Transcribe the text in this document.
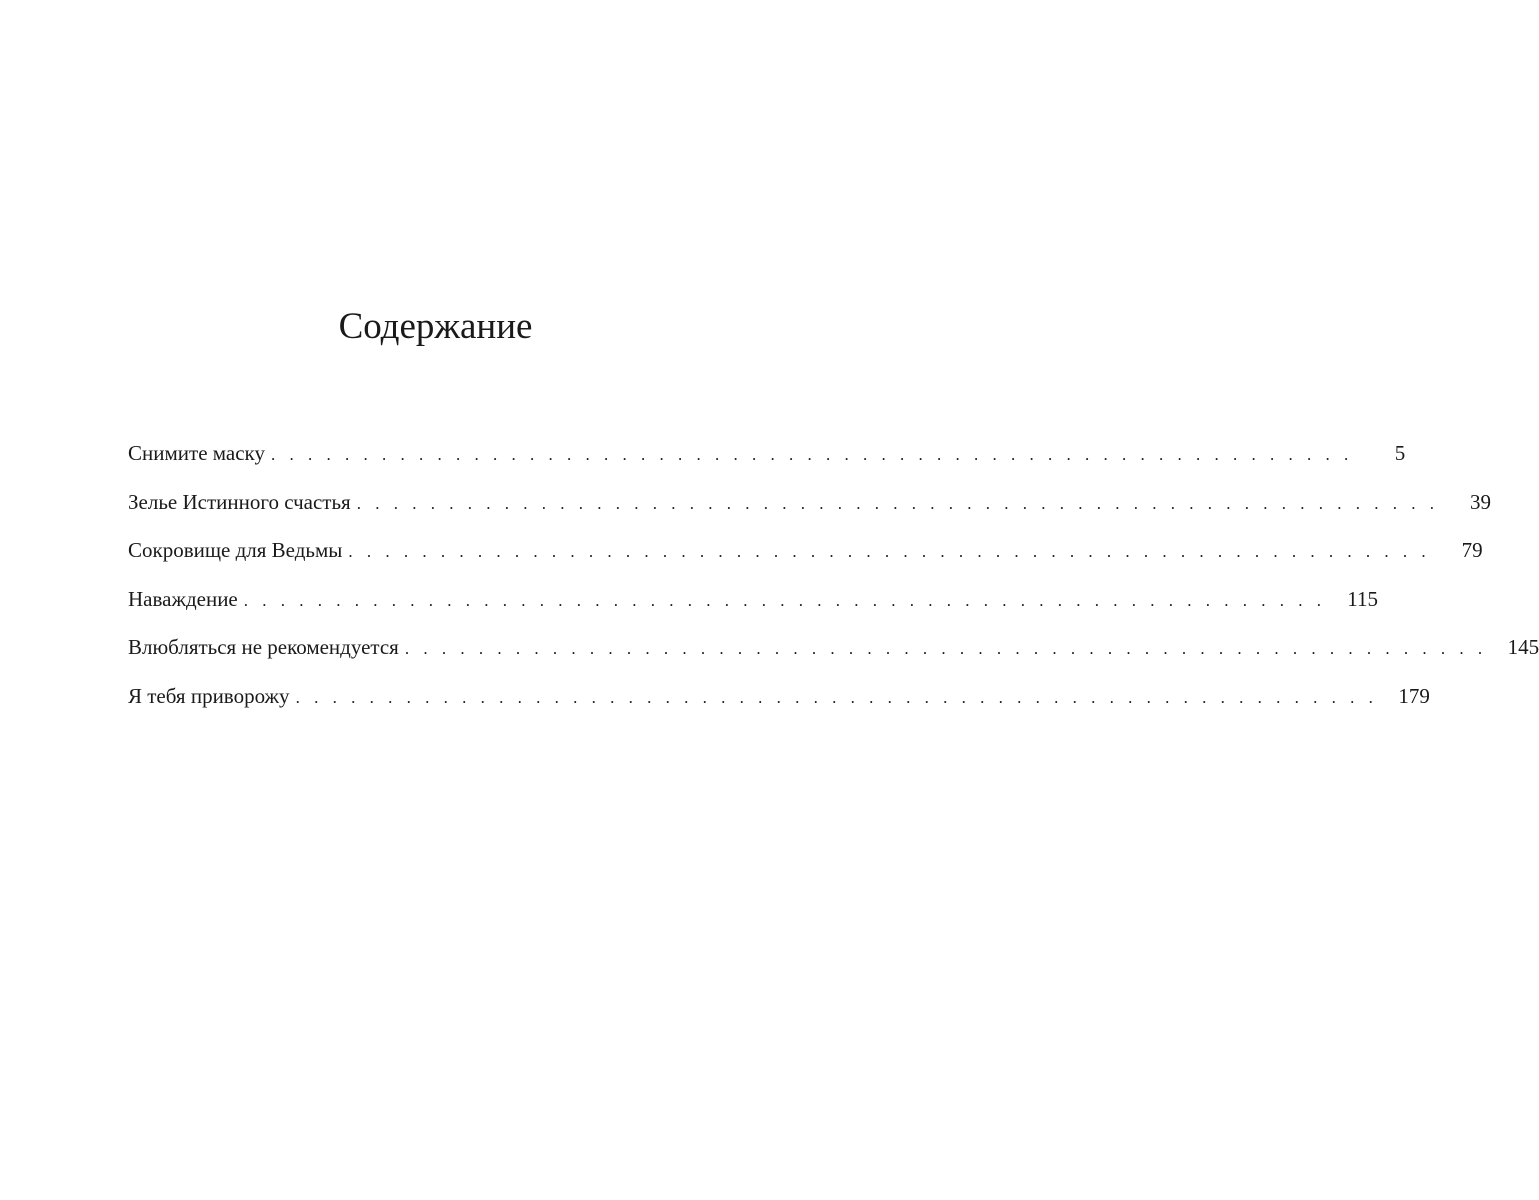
Содержание
Снимите маску . . . . . . . . . . . . . . . . . . . . . . . . . . . . . . . . . . . . . . . . . . . . . . . . . . . . . . . . . . .	5
Зелье Истинного счастья . . . . . . . . . . . . . . . . . . . . . . . . . . . . . . . . . . . . . . . . . . . . . . . . . . . . . . . . . . .	39
Сокровище для Ведьмы . . . . . . . . . . . . . . . . . . . . . . . . . . . . . . . . . . . . . . . . . . . . . . . . . . . . . . . . . . .	79
Наваждение . . . . . . . . . . . . . . . . . . . . . . . . . . . . . . . . . . . . . . . . . . . . . . . . . . . . . . . . . . .	115
Влюбляться не рекомендуется . . . . . . . . . . . . . . . . . . . . . . . . . . . . . . . . . . . . . . . . . . . . . . . . . . . . . . . . . . . 145
Я тебя приворожу . . . . . . . . . . . . . . . . . . . . . . . . . . . . . . . . . . . . . . . . . . . . . . . . . . . . . . . . . . . 179
